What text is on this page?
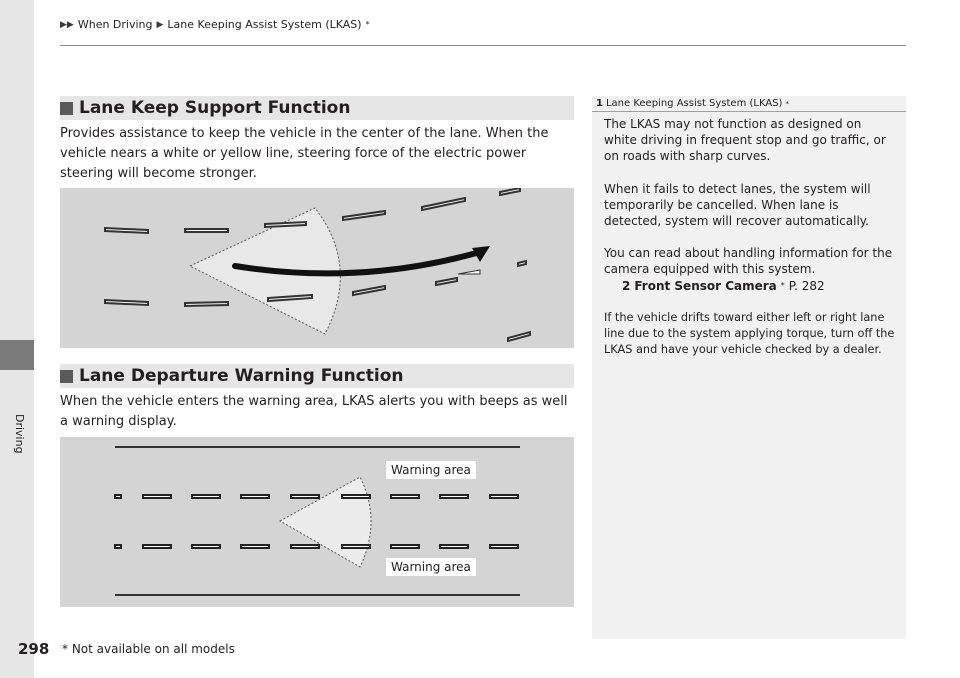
▶▶ When Driving ▶ Lane Keeping Assist System (LKAS) *
Driving
Lane Keep Support Function
Provides assistance to keep the vehicle in the center of the lane. When the vehicle nears a white or yellow line, steering force of the electric power steering will become stronger.
Lane Departure Warning Function
When the vehicle enters the warning area, LKAS alerts you with beeps as well a warning display.
Warning area
Warning area
1 Lane Keeping Assist System (LKAS) *

The LKAS may not function as designed on white driving in frequent stop and go traffic, or on roads with sharp curves.

When it fails to detect lanes, the system will temporarily be cancelled. When lane is detected, system will recover automatically.

You can read about handling information for the camera equipped with this system.

2 Front Sensor Camera * P. 282

If the vehicle drifts toward either left or right lane line due to the system applying torque, turn off the LKAS and have your vehicle checked by a dealer.

298 * Not available on all models
